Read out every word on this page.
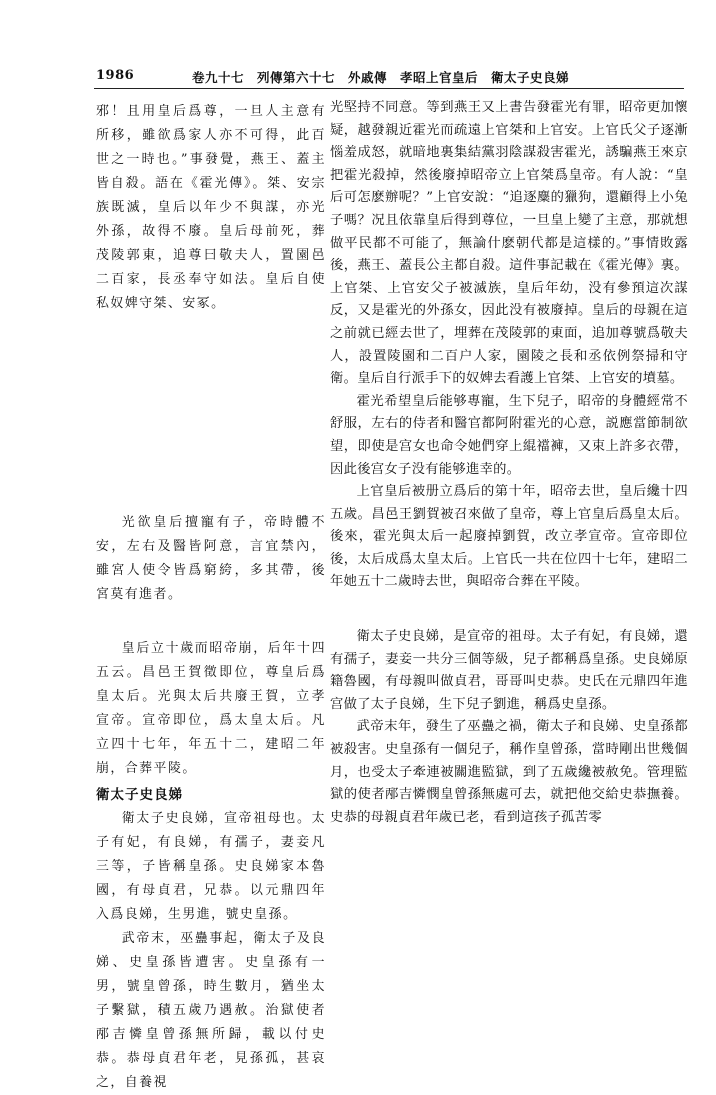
1986	卷九十七　列傳第六十七　外戚傳　孝昭上官皇后　衛太子史良娣

邪！且用皇后爲尊，一旦人主意有所移，雖欲爲家人亦不可得，此百世之一時也。”事發覺，燕王、蓋主皆自殺。語在《霍光傳》。桀、安宗族既滅，皇后以年少不與謀，亦光外孫，故得不廢。皇后母前死，葬茂陵郭東，追尊曰敬夫人，置園邑二百家，長丞奉守如法。皇后自使私奴婢守桀、安冢。

光欲皇后擅寵有子，帝時體不安，左右及醫皆阿意，言宜禁內，雖宮人使令皆爲窮絝，多其帶，後宮莫有進者。

皇后立十歲而昭帝崩，后年十四五云。昌邑王賀徵即位，尊皇后爲皇太后。光與太后共廢王賀，立孝宣帝。宣帝即位，爲太皇太后。凡立四十七年，年五十二，建昭二年崩，合葬平陵。

衛太子史良娣

衛太子史良娣，宣帝祖母也。太子有妃，有良娣，有孺子，妻妾凡三等，子皆稱皇孫。史良娣家本魯國，有母貞君，兄恭。以元鼎四年入爲良娣，生男進，號史皇孫。

武帝末，巫蠱事起，衛太子及良娣、史皇孫皆遭害。史皇孫有一男，號皇曾孫，時生數月，猶坐太子繫獄，積五歲乃遇赦。治獄使者邴吉憐皇曾孫無所歸，載以付史恭。恭母貞君年老，見孫孤，甚哀之，自養視

光堅持不同意。等到燕王又上書告發霍光有罪，昭帝更加懷疑，越發親近霍光而疏遠上官桀和上官安。上官氏父子逐漸惱羞成怒，就暗地裏集結黨羽陰謀殺害霍光，誘騙燕王來京把霍光殺掉，然後廢掉昭帝立上官桀爲皇帝。有人說：“皇后可怎麽辦呢？”上官安說：“追逐麋的獵狗，還顧得上小兔子嗎？况且依靠皇后得到尊位，一旦皇上變了主意，那就想做平民都不可能了，無論什麽朝代都是這樣的。”事情敗露後，燕王、蓋長公主都自殺。這件事記載在《霍光傳》裏。上官桀、上官安父子被滅族，皇后年幼，没有參預這次謀反，又是霍光的外孫女，因此没有被廢掉。皇后的母親在這之前就已經去世了，埋葬在茂陵郭的東面，追加尊號爲敬夫人，設置陵園和二百户人家，園陵之長和丞依例祭掃和守衛。皇后自行派手下的奴婢去看護上官桀、上官安的墳墓。

霍光希望皇后能够專寵，生下兒子，昭帝的身體經常不舒服，左右的侍者和醫官都阿附霍光的心意，説應當節制欲望，即使是宫女也命令她們穿上緄襠褲，又束上許多衣帶，因此後宫女子没有能够進幸的。

上官皇后被册立爲后的第十年，昭帝去世，皇后纔十四五歲。昌邑王劉賀被召來做了皇帝，尊上官皇后爲皇太后。後來，霍光與太后一起廢掉劉賀，改立孝宣帝。宣帝即位後，太后成爲太皇太后。上官氏一共在位四十七年，建昭二年她五十二歲時去世，與昭帝合葬在平陵。

衛太子史良娣，是宣帝的祖母。太子有妃，有良娣，還有孺子，妻妾一共分三個等級，兒子都稱爲皇孫。史良娣原籍魯國，有母親叫做貞君，哥哥叫史恭。史氏在元鼎四年進宫做了太子良娣，生下兒子劉進，稱爲史皇孫。

武帝末年，發生了巫蠱之禍，衛太子和良娣、史皇孫都被殺害。史皇孫有一個兒子，稱作皇曾孫，當時剛出世幾個月，也受太子牽連被關進監獄，到了五歲纔被赦免。管理監獄的使者邴吉憐憫皇曾孫無處可去，就把他交給史恭撫養。史恭的母親貞君年歲已老，看到這孩子孤苦零
